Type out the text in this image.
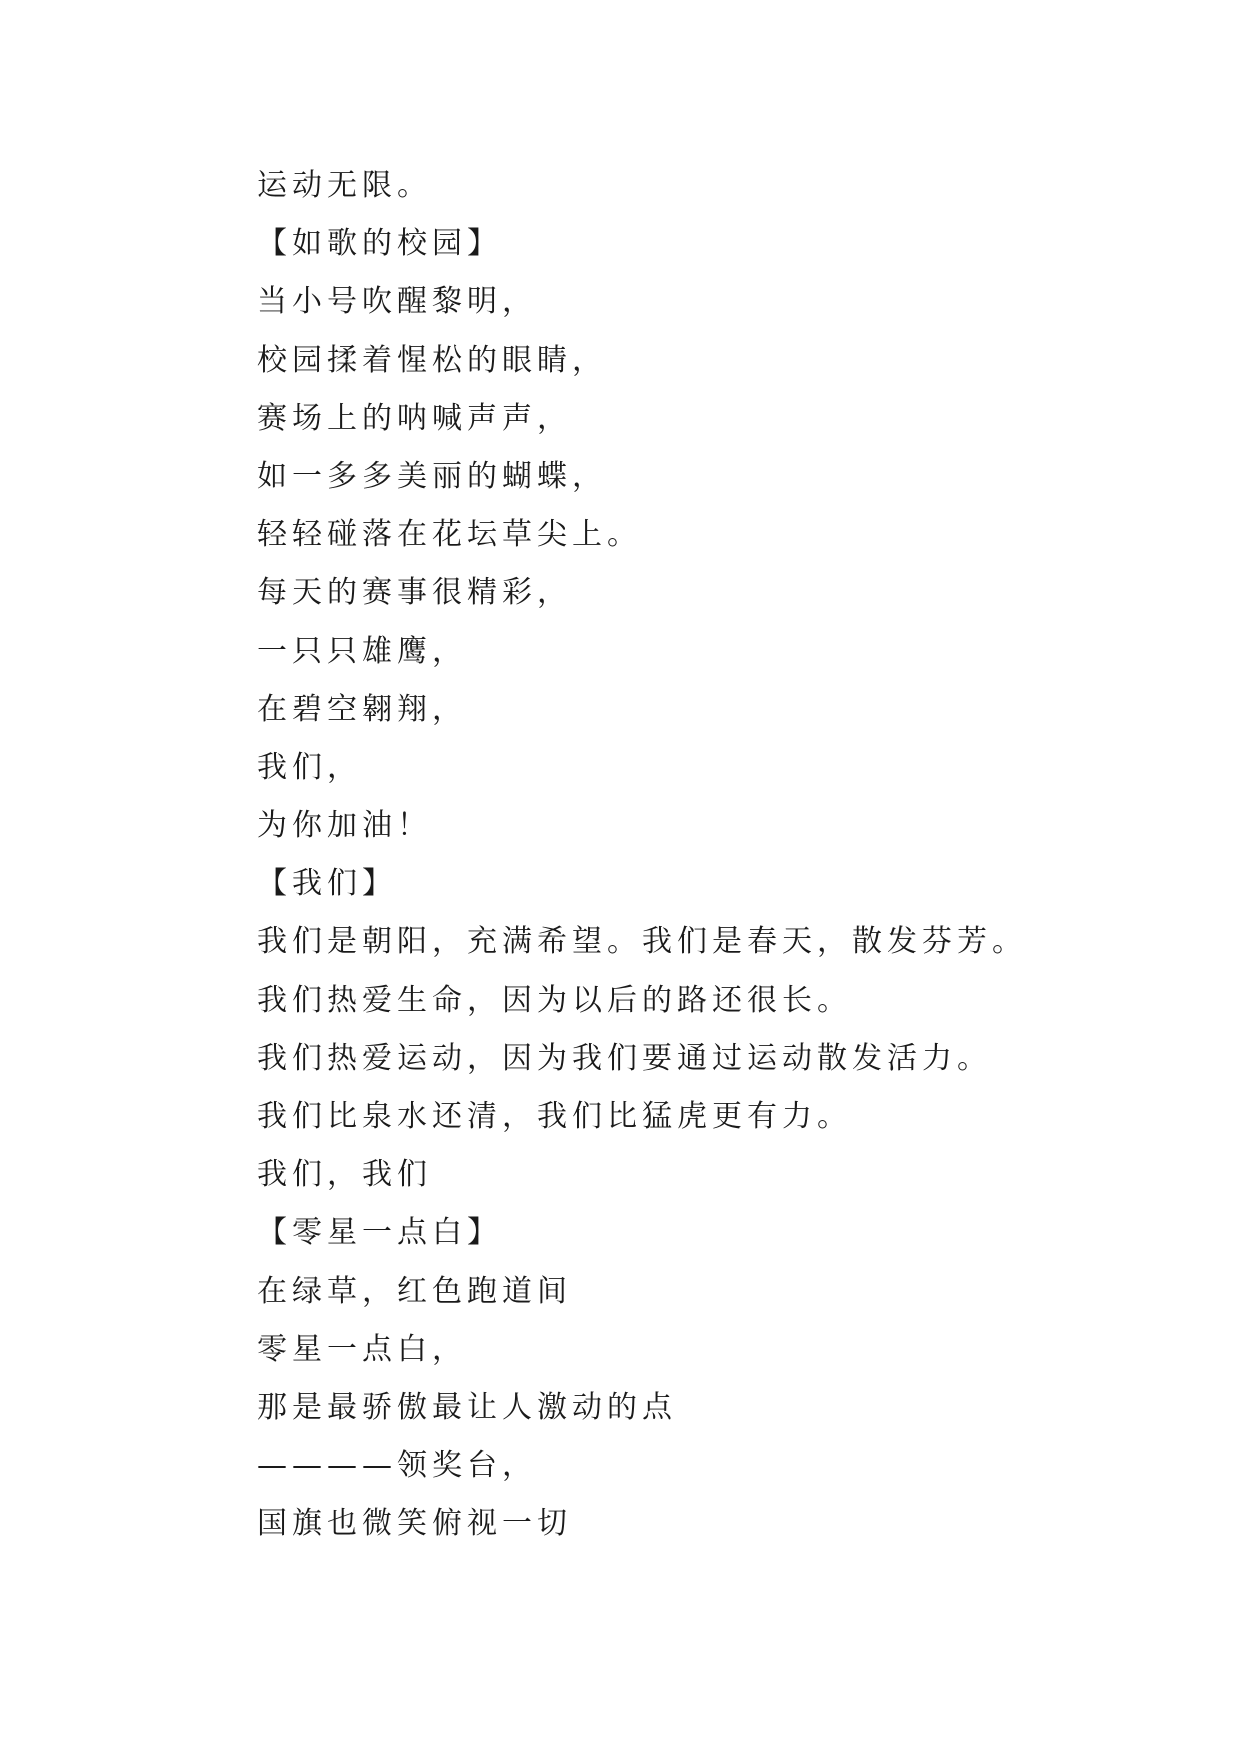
运动无限。
【如歌的校园】
当小号吹醒黎明，
校园揉着惺松的眼睛，
赛场上的呐喊声声，
如一多多美丽的蝴蝶，
轻轻碰落在花坛草尖上。
每天的赛事很精彩，
一只只雄鹰，
在碧空翱翔，
我们，
为你加油！
【我们】
我们是朝阳，充满希望。我们是春天，散发芬芳。
我们热爱生命，因为以后的路还很长。
我们热爱运动，因为我们要通过运动散发活力。
我们比泉水还清，我们比猛虎更有力。
我们，我们
【零星一点白】
在绿草，红色跑道间
零星一点白，
那是最骄傲最让人激动的点
————领奖台，
国旗也微笑俯视一切
